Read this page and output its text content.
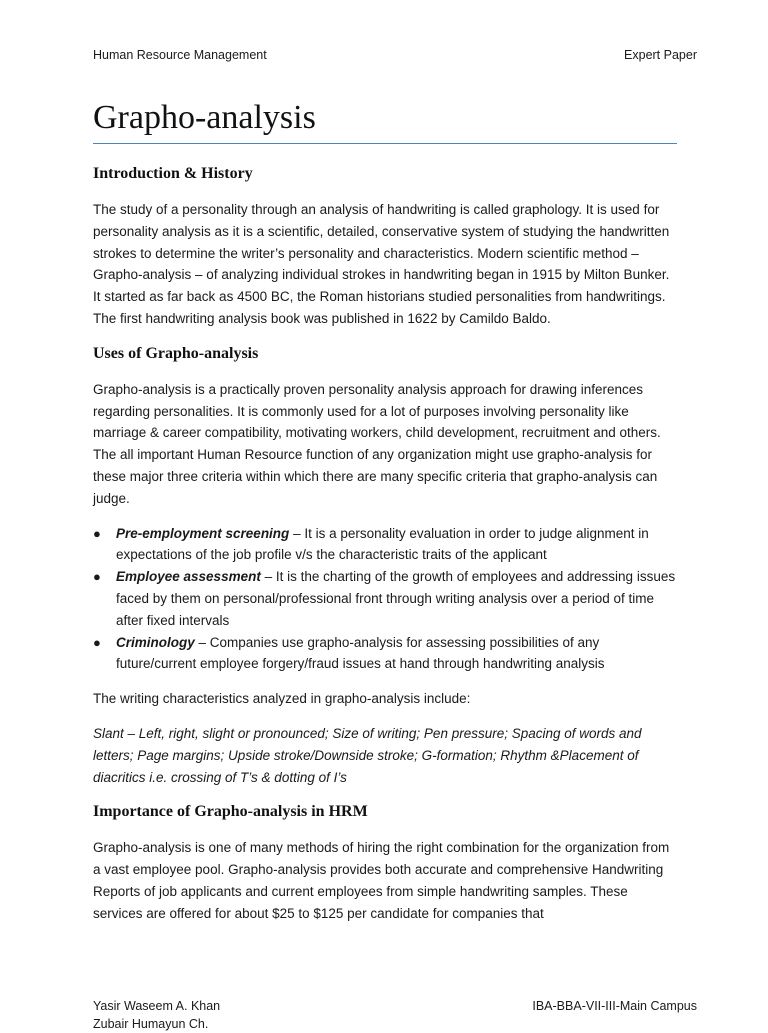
Human Resource Management	Expert Paper
Grapho-analysis
Introduction & History

The study of a personality through an analysis of handwriting is called graphology. It is used for personality analysis as it is a scientific, detailed, conservative system of studying the handwritten strokes to determine the writer’s personality and characteristics. Modern scientific method – Grapho-analysis – of analyzing individual strokes in handwriting began in 1915 by Milton Bunker. It started as far back as 4500 BC, the Roman historians studied personalities from handwritings. The first handwriting analysis book was published in 1622 by Camildo Baldo.

Uses of Grapho-analysis

Grapho-analysis is a practically proven personality analysis approach for drawing inferences regarding personalities. It is commonly used for a lot of purposes involving personality like marriage & career compatibility, motivating workers, child development, recruitment and others. The all important Human Resource function of any organization might use grapho-analysis for these major three criteria within which there are many specific criteria that grapho-analysis can judge.

● Pre-employment screening – It is a personality evaluation in order to judge alignment in expectations of the job profile v/s the characteristic traits of the applicant
● Employee assessment – It is the charting of the growth of employees and addressing issues faced by them on personal/professional front through writing analysis over a period of time after fixed intervals
● Criminology – Companies use grapho-analysis for assessing possibilities of any future/current employee forgery/fraud issues at hand through handwriting analysis

The writing characteristics analyzed in grapho-analysis include:

Slant – Left, right, slight or pronounced; Size of writing; Pen pressure; Spacing of words and letters; Page margins; Upside stroke/Downside stroke; G-formation; Rhythm &Placement of diacritics i.e. crossing of T’s & dotting of I’s

Importance of Grapho-analysis in HRM

Grapho-analysis is one of many methods of hiring the right combination for the organization from a vast employee pool. Grapho-analysis provides both accurate and comprehensive Handwriting Reports of job applicants and current employees from simple handwriting samples. These services are offered for about $25 to $125 per candidate for companies that

Yasir Waseem A. Khan
Zubair Humayun Ch.
IBA-BBA-VII-III-Main Campus
